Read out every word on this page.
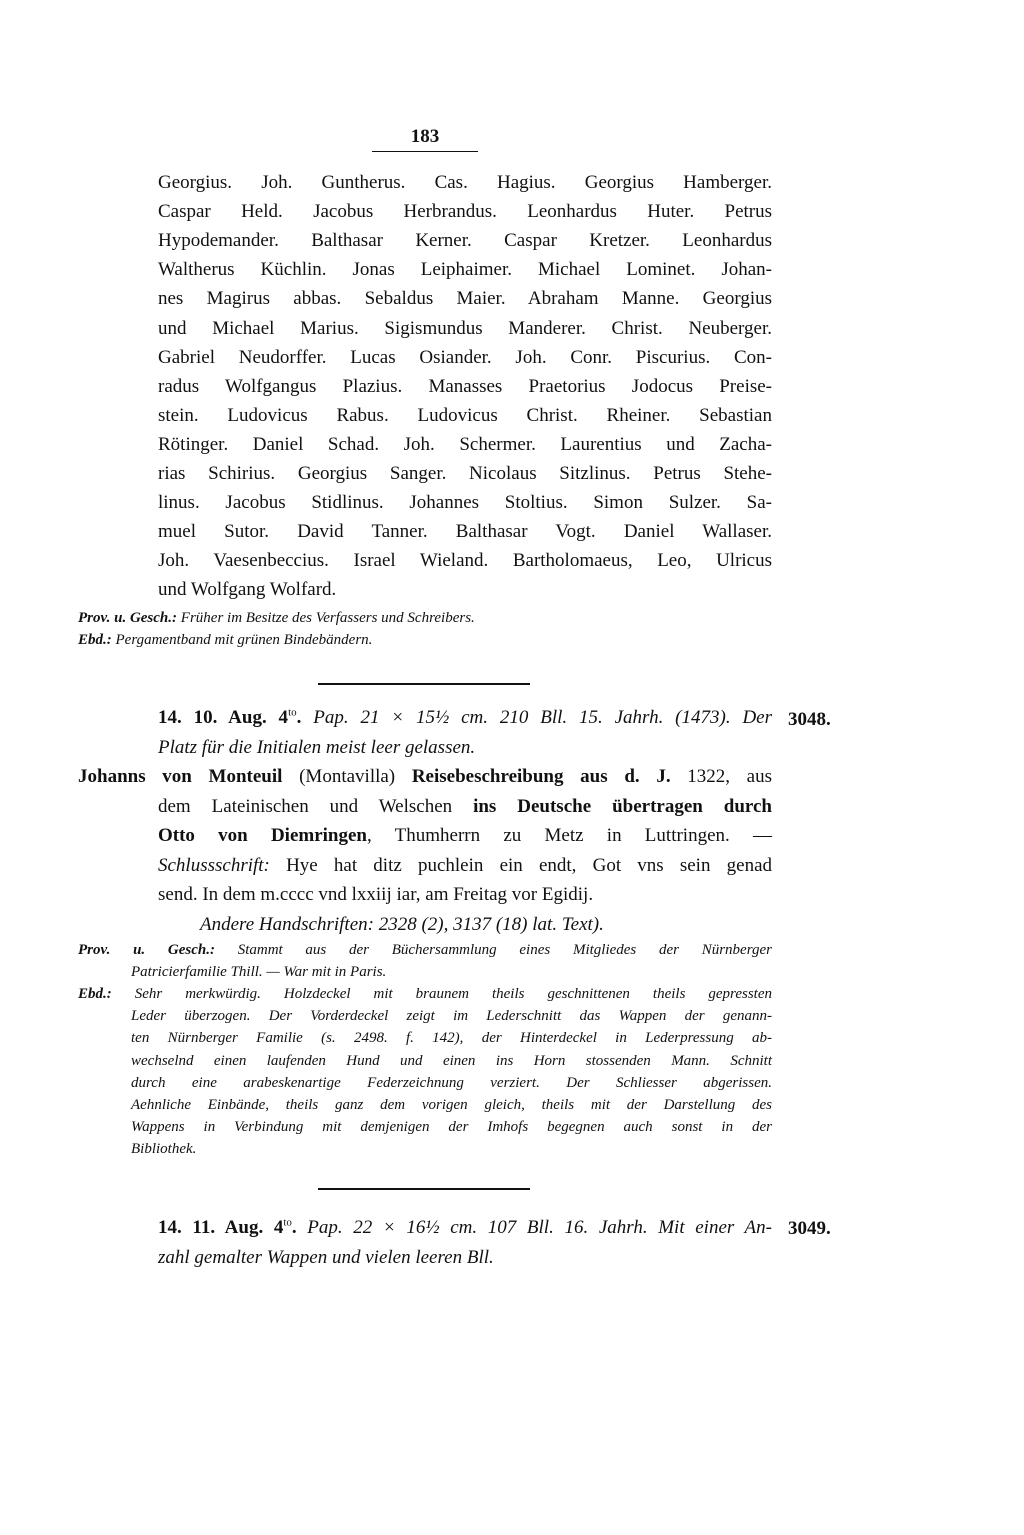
183
Georgius. Joh. Guntherus. Cas. Hagius. Georgius Hamberger.
Caspar Held. Jacobus Herbrandus. Leonhardus Huter. Petrus
Hypodemander. Balthasar Kerner. Caspar Kretzer. Leonhardus
Waltherus Küchlin. Jonas Leiphaimer. Michael Lominet. Johan-
nes Magirus abbas. Sebaldus Maier. Abraham Manne. Georgius
und Michael Marius. Sigismundus Manderer. Christ. Neuberger.
Gabriel Neudorffer. Lucas Osiander. Joh. Conr. Piscurius. Con-
radus Wolfgangus Plazius. Manasses Praetorius Jodocus Preise-
stein. Ludovicus Rabus. Ludovicus Christ. Rheiner. Sebastian
Rötinger. Daniel Schad. Joh. Schermer. Laurentius und Zacha-
rias Schirius. Georgius Sanger. Nicolaus Sitzlinus. Petrus Stehe-
linus. Jacobus Stidlinus. Johannes Stoltius. Simon Sulzer. Sa-
muel Sutor. David Tanner. Balthasar Vogt. Daniel Wallaser.
Joh. Vaesenbeccius. Israel Wieland. Bartholomaeus, Leo, Ulricus
und Wolfgang Wolfard.
Prov. u. Gesch.: Früher im Besitze des Verfassers und Schreibers.
Ebd.: Pergamentband mit grünen Bindebändern.
3048.
14. 10. Aug. $4^{to}$. Pap. 21 × 15½ cm. 210 Bll. 15. Jahrh. (1473). Der
Platz für die Initialen meist leer gelassen.
Johanns von Monteuil (Montavilla) Reisebeschreibung aus d. J. 1322, aus
dem Lateinischen und Welschen ins Deutsche übertragen durch
Otto von Diemringen, Thumherrn zu Metz in Luttringen. —
Schlussschrift: Hye hat ditz puchlein ein endt, Got vns sein genad
send. In dem m.cccc vnd lxxiij iar, am Freitag vor Egidij.
Andere Handschriften: 2328 (2), 3137 (18) lat. Text).
Prov. u. Gesch.: Stammt aus der Büchersammlung eines Mitgliedes der Nürnberger
Patricierfamilie Thill. — War mit in Paris.
Ebd.: Sehr merkwürdig. Holzdeckel mit braunem theils geschnittenen theils gepressten
Leder überzogen. Der Vorderdeckel zeigt im Lederschnitt das Wappen der genann-
ten Nürnberger Familie (s. 2498. f. 142), der Hinterdeckel in Lederpressung ab-
wechselnd einen laufenden Hund und einen ins Horn stossenden Mann. Schnitt
durch eine arabeskenartige Federzeichnung verziert. Der Schliesser abgerissen.
Aehnliche Einbände, theils ganz dem vorigen gleich, theils mit der Darstellung des
Wappens in Verbindung mit demjenigen der Imhofs begegnen auch sonst in der
Bibliothek.
3049.
14. 11. Aug. $4^{to}$. Pap. 22 × 16½ cm. 107 Bll. 16. Jahrh. Mit einer An-
zahl gemalter Wappen und vielen leeren Bll.
